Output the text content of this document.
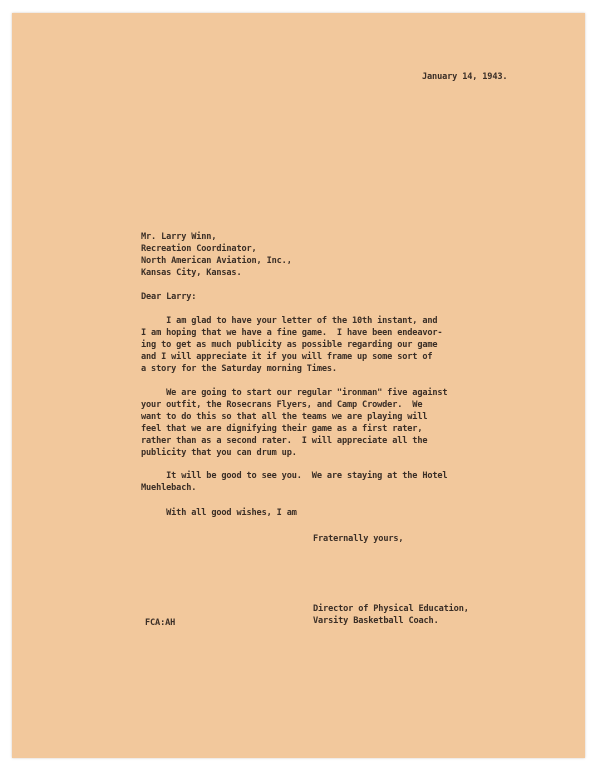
January 14, 1943.
Mr. Larry Winn,
Recreation Coordinator,
North American Aviation, Inc.,
Kansas City, Kansas.
Dear Larry:
I am glad to have your letter of the 10th instant, and
I am hoping that we have a fine game.  I have been endeavor-
ing to get as much publicity as possible regarding our game
and I will appreciate it if you will frame up some sort of
a story for the Saturday morning Times.
We are going to start our regular "ironman" five against
your outfit, the Rosecrans Flyers, and Camp Crowder.  We
want to do this so that all the teams we are playing will
feel that we are dignifying their game as a first rater,
rather than as a second rater.  I will appreciate all the
publicity that you can drum up.
It will be good to see you.  We are staying at the Hotel
Muehlebach.
With all good wishes, I am
Fraternally yours,
Director of Physical Education,
Varsity Basketball Coach.
FCA:AH
